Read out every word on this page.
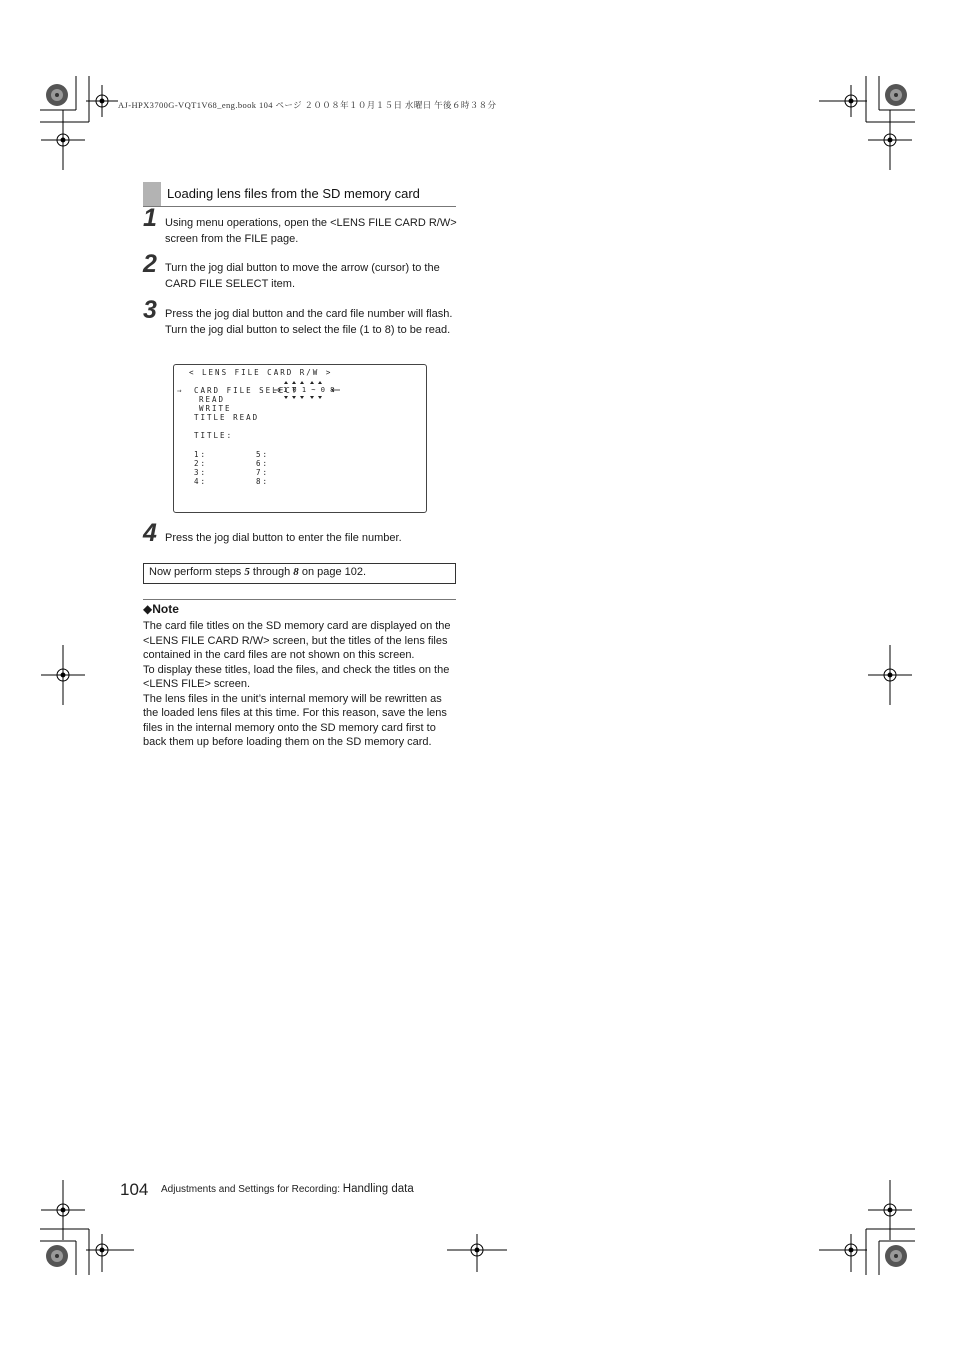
AJ-HPX3700G-VQT1V68_eng.book 104 ページ ２００８年１０月１５日 水曜日 午後６時３８分
Loading lens files from the SD memory card
1 Using menu operations, open the <LENS FILE CARD R/W> screen from the FILE page.
2 Turn the jog dial button to move the arrow (cursor) to the CARD FILE SELECT item.
3 Press the jog dial button and the card file number will flash. Turn the jog dial button to select the file (1 to 8) to be read.
< LENS FILE CARD R/W >
⇒ CARD FILE SELECT
1 0 1 ~ 0 8
READ
WRITE
TITLE READ
TITLE:
1:
2:
3:
4:
5:
6:
7:
8:
4 Press the jog dial button to enter the file number.
Now perform steps 5 through 8 on page 102.
◆Note

The card file titles on the SD memory card are displayed on the <LENS FILE CARD R/W> screen, but the titles of the lens files contained in the card files are not shown on this screen.

To display these titles, load the files, and check the titles on the <LENS FILE> screen.

The lens files in the unit’s internal memory will be rewritten as the loaded lens files at this time. For this reason, save the lens files in the internal memory onto the SD memory card first to back them up before loading them on the SD memory card.

104 Adjustments and Settings for Recording: Handling data
